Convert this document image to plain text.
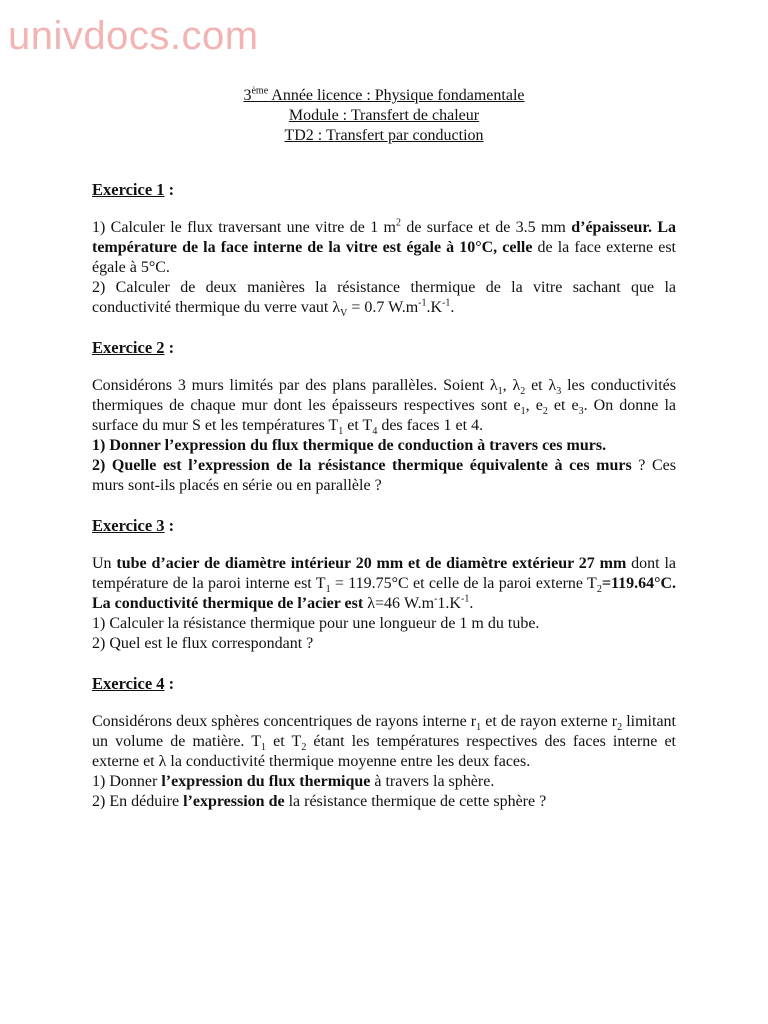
univdocs.com
3ème Année licence : Physique fondamentale
Module : Transfert de chaleur
TD2 : Transfert par conduction

Exercice 1 :

1) Calculer le flux traversant une vitre de 1 $m^2$ de surface et de 3.5 mm d’épaisseur. La température de la face interne de la vitre est égale à 10°C, celle de la face externe est égale à 5°C.

2) Calculer de deux manières la résistance thermique de la vitre sachant que la conductivité thermique du verre vaut $\lambda_V = 0.7$ $W.m^{-1}.K^{-1}$.

Exercice 2 :

Considérons 3 murs limités par des plans parallèles. Soient $\lambda_1$, $\lambda_2$ et $\lambda_3$ les conductivités thermiques de chaque mur dont les épaisseurs respectives sont $e_1$, $e_2$ et $e_3$. On donne la surface du mur S et les températures $T_1$ et $T_4$ des faces 1 et 4.

1) Donner l’expression du flux thermique de conduction à travers ces murs.

2) Quelle est l’expression de la résistance thermique équivalente à ces murs ? Ces murs sont-ils placés en série ou en parallèle ?

Exercice 3 :

Un tube d’acier de diamètre intérieur 20 mm et de diamètre extérieur 27 mm dont la température de la paroi interne est $T_1 = 119.75^\circ C$ et celle de la paroi externe $T_2=119.64^\circ C$. La conductivité thermique de l’acier est λ=46 $W.m^-1.K^{-1}$.

1) Calculer la résistance thermique pour une longueur de 1 m du tube.

2) Quel est le flux correspondant ?

Exercice 4 :

Considérons deux sphères concentriques de rayons interne $r_1$ et de rayon externe $r_2$ limitant un volume de matière. $T_1$ et $T_2$ étant les températures respectives des faces interne et externe et λ la conductivité thermique moyenne entre les deux faces.

1) Donner l’expression du flux thermique à travers la sphère.

2) En déduire l’expression de la résistance thermique de cette sphère ?
